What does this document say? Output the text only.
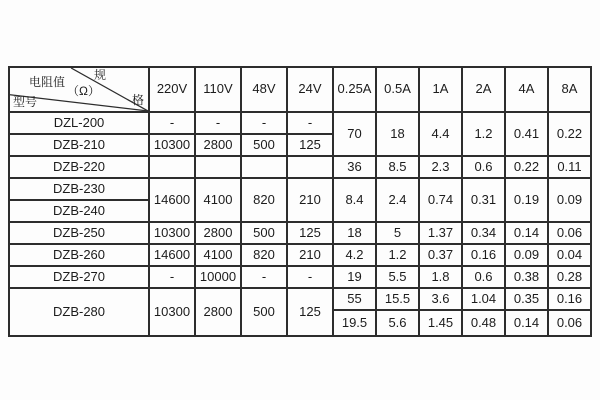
规
格
电阻值
（Ω）
型号	220V	110V	48V	24V	0.25A	0.5A	1A	2A	4A	8A
DZL-200	-	-	-	-	70	18	4.4	1.2	0.41	0.22
DZB-210	10300	2800	500	125						
DZB-220					36	8.5	2.3	0.6	0.22	0.11
DZB-230	14600	4100	820	210	8.4	2.4	0.74	0.31	0.19	0.09
DZB-240										
DZB-250	10300	2800	500	125	18	5	1.37	0.34	0.14	0.06
DZB-260	14600	4100	820	210	4.2	1.2	0.37	0.16	0.09	0.04
DZB-270	-	10000	-	-	19	5.5	1.8	0.6	0.38	0.28
DZB-280	10300	2800	500	125	55	15.5	3.6	1.04	0.35	0.16
					19.5	5.6	1.45	0.48	0.14	0.06
